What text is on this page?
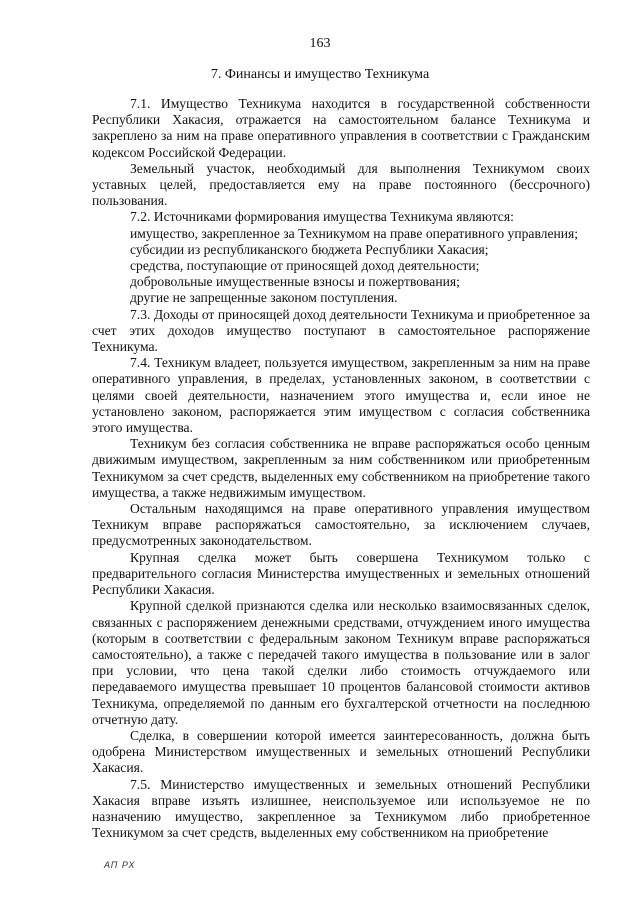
163
7. Финансы и имущество Техникума

7.1. Имущество Техникума находится в государственной собственности Республики Хакасия, отражается на самостоятельном балансе Техникума и закреплено за ним на праве оперативного управления в соответствии с Гражданским кодексом Российской Федерации.

Земельный участок, необходимый для выполнения Техникумом своих уставных целей, предоставляется ему на праве постоянного (бессрочного) пользования.

7.2. Источниками формирования имущества Техникума являются:

имущество, закрепленное за Техникумом на праве оперативного управления;

субсидии из республиканского бюджета Республики Хакасия;

средства, поступающие от приносящей доход деятельности;

добровольные имущественные взносы и пожертвования;

другие не запрещенные законом поступления.

7.3. Доходы от приносящей доход деятельности Техникума и приобретенное за счет этих доходов имущество поступают в самостоятельное распоряжение Техникума.

7.4. Техникум владеет, пользуется имуществом, закрепленным за ним на праве оперативного управления, в пределах, установленных законом, в соответствии с целями своей деятельности, назначением этого имущества и, если иное не установлено законом, распоряжается этим имуществом с согласия собственника этого имущества.

Техникум без согласия собственника не вправе распоряжаться особо ценным движимым имуществом, закрепленным за ним собственником или приобретенным Техникумом за счет средств, выделенных ему собственником на приобретение такого имущества, а также недвижимым имуществом.

Остальным находящимся на праве оперативного управления имуществом Техникум вправе распоряжаться самостоятельно, за исключением случаев, предусмотренных законодательством.

Крупная сделка может быть совершена Техникумом только с предварительного согласия Министерства имущественных и земельных отношений Республики Хакасия.

Крупной сделкой признаются сделка или несколько взаимосвязанных сделок, связанных с распоряжением денежными средствами, отчуждением иного имущества (которым в соответствии с федеральным законом Техникум вправе распоряжаться самостоятельно), а также с передачей такого имущества в пользование или в залог при условии, что цена такой сделки либо стоимость отчуждаемого или передаваемого имущества превышает 10 процентов балансовой стоимости активов Техникума, определяемой по данным его бухгалтерской отчетности на последнюю отчетную дату.

Сделка, в совершении которой имеется заинтересованность, должна быть одобрена Министерством имущественных и земельных отношений Республики Хакасия.

7.5. Министерство имущественных и земельных отношений Республики Хакасия вправе изъять излишнее, неиспользуемое или используемое не по назначению имущество, закрепленное за Техникумом либо приобретенное Техникумом за счет средств, выделенных ему собственником на приобретение

АП РХ
